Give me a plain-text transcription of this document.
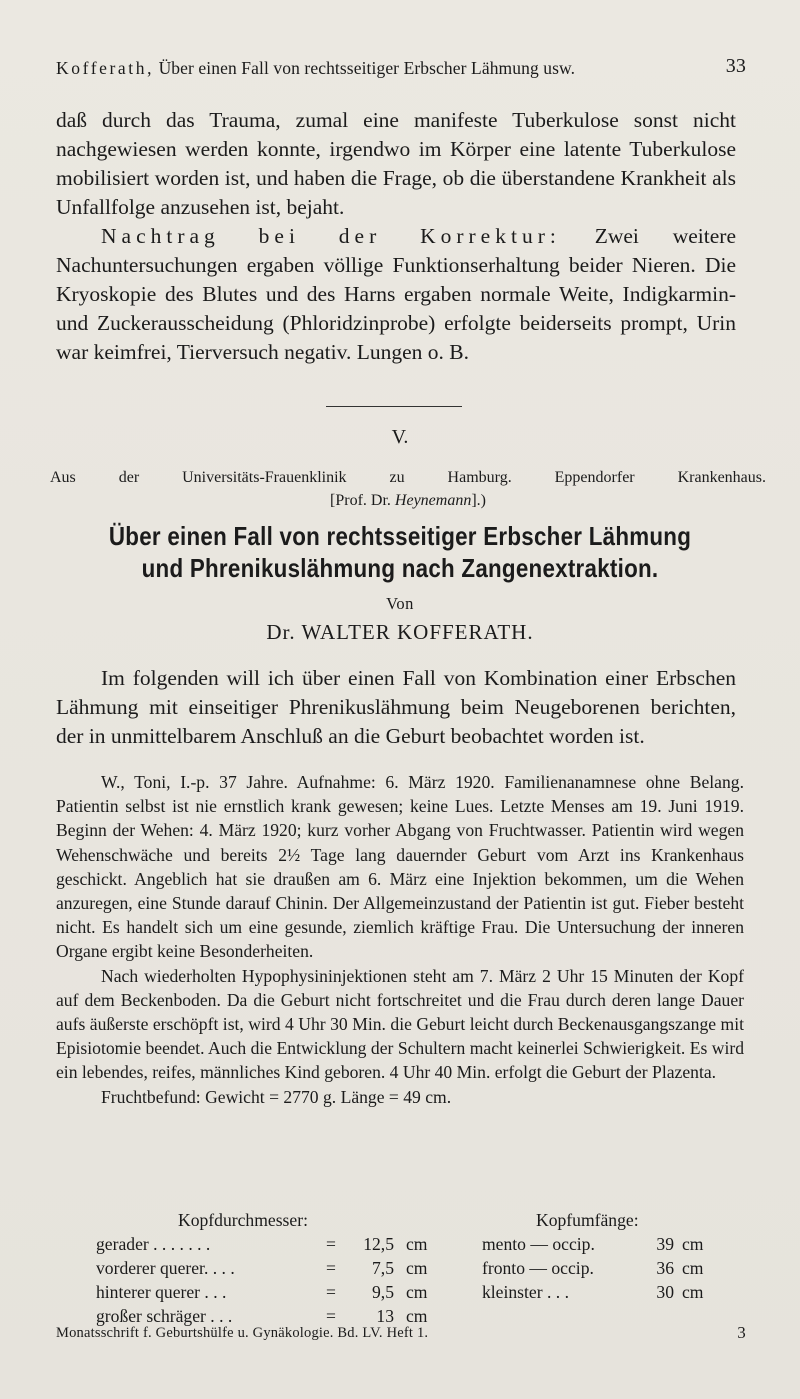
Kofferath, Über einen Fall von rechtsseitiger Erbscher Lähmung usw.	33

daß durch das Trauma, zumal eine manifeste Tuberkulose sonst nicht nachgewiesen werden konnte, irgendwo im Körper eine latente Tuberkulose mobilisiert worden ist, und haben die Frage, ob die überstandene Krankheit als Unfallfolge anzusehen ist, bejaht.

Nachtrag bei der Korrektur: Zwei weitere Nachuntersuchungen ergaben völlige Funktionserhaltung beider Nieren. Die Kryoskopie des Blutes und des Harns ergaben normale Weite, Indigkarmin- und Zuckerausscheidung (Phloridzinprobe) erfolgte beiderseits prompt, Urin war keimfrei, Tierversuch negativ. Lungen o. B.

V.
Aus der Universitäts-Frauenklinik zu Hamburg. Eppendorfer Krankenhaus.
[Prof. Dr. Heynemann].)
Über einen Fall von rechtsseitiger Erbscher Lähmung
und Phrenikuslähmung nach Zangenextraktion.
Von
Dr. WALTER KOFFERATH.

Im folgenden will ich über einen Fall von Kombination einer Erbschen Lähmung mit einseitiger Phrenikuslähmung beim Neugeborenen berichten, der in unmittelbarem Anschluß an die Geburt beobachtet worden ist.

W., Toni, I.-p. 37 Jahre. Aufnahme: 6. März 1920. Familienanamnese ohne Belang. Patientin selbst ist nie ernstlich krank gewesen; keine Lues. Letzte Menses am 19. Juni 1919. Beginn der Wehen: 4. März 1920; kurz vorher Abgang von Fruchtwasser. Patientin wird wegen Wehenschwäche und bereits 2½ Tage lang dauernder Geburt vom Arzt ins Krankenhaus geschickt. Angeblich hat sie draußen am 6. März eine Injektion bekommen, um die Wehen anzuregen, eine Stunde darauf Chinin. Der Allgemeinzustand der Patientin ist gut. Fieber besteht nicht. Es handelt sich um eine gesunde, ziemlich kräftige Frau. Die Untersuchung der inneren Organe ergibt keine Besonderheiten.

Nach wiederholten Hypophysininjektionen steht am 7. März 2 Uhr 15 Minuten der Kopf auf dem Beckenboden. Da die Geburt nicht fortschreitet und die Frau durch deren lange Dauer aufs äußerste erschöpft ist, wird 4 Uhr 30 Min. die Geburt leicht durch Beckenausgangszange mit Episiotomie beendet. Auch die Entwicklung der Schultern macht keinerlei Schwierigkeit. Es wird ein lebendes, reifes, männliches Kind geboren. 4 Uhr 40 Min. erfolgt die Geburt der Plazenta.

Fruchtbefund: Gewicht = 2770 g. Länge = 49 cm.

Kopfdurchmesser:	Kopfumfänge:
gerader . . . . . . .	=	12,5 cm	mento — occip.	39 cm
vorderer querer. . . .	=	7,5 cm	fronto — occip.	36 cm
hinterer querer . . .	=	9,5 cm	kleinster . . .	30 cm
großer schräger . . .	=	13 cm
Monatsschrift f. Geburtshülfe u. Gynäkologie. Bd. LV. Heft 1.	3
